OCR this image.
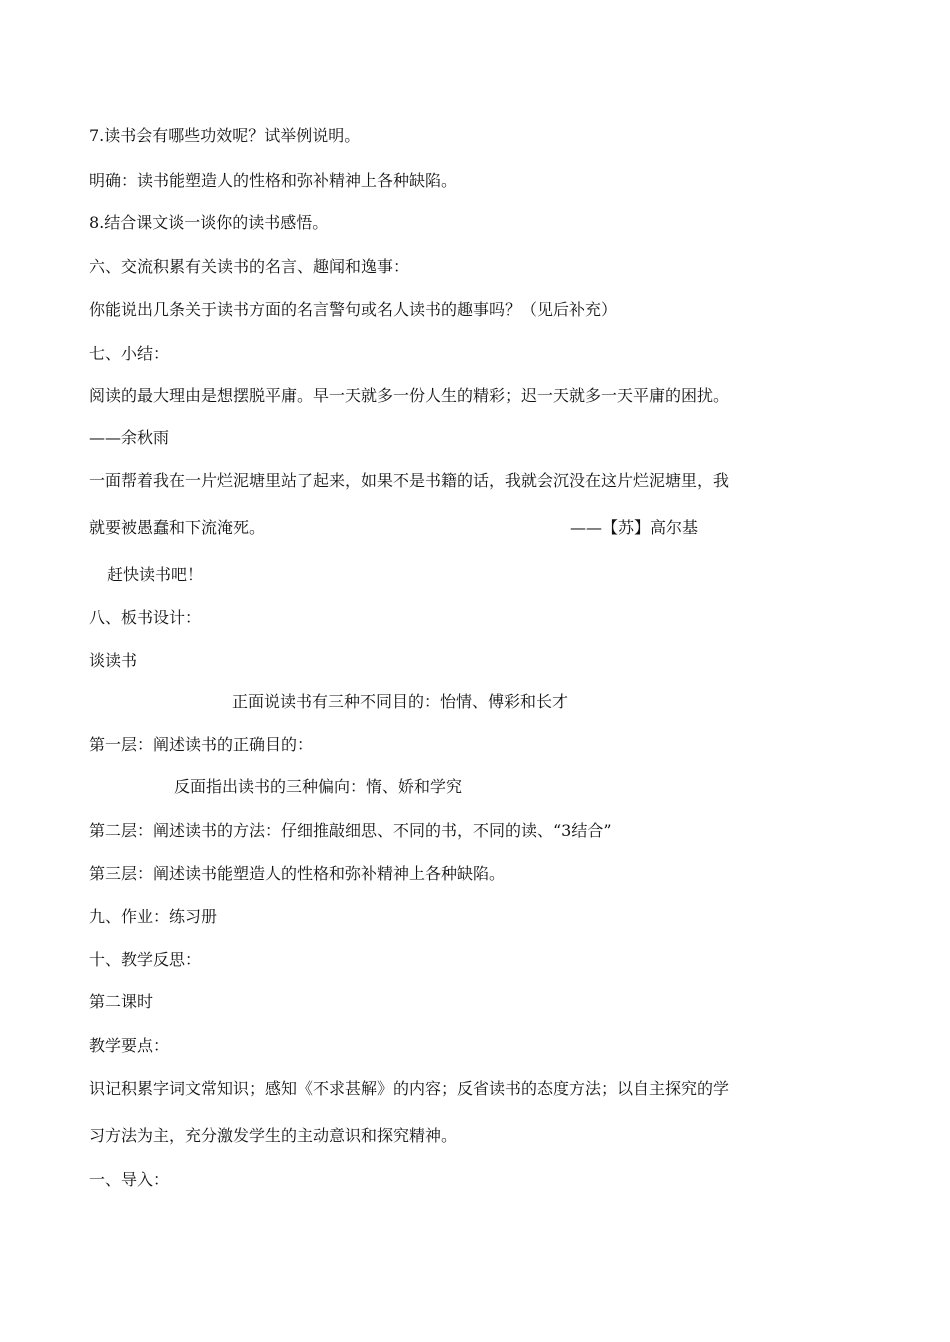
7.读书会有哪些功效呢？试举例说明。
明确：读书能塑造人的性格和弥补精神上各种缺陷。
8.结合课文谈一谈你的读书感悟。
六、交流积累有关读书的名言、趣闻和逸事：
你能说出几条关于读书方面的名言警句或名人读书的趣事吗？（见后补充）
七、小结：
阅读的最大理由是想摆脱平庸。早一天就多一份人生的精彩；迟一天就多一天平庸的困扰。
——余秋雨
一面帮着我在一片烂泥塘里站了起来，如果不是书籍的话，我就会沉没在这片烂泥塘里，我
就要被愚蠢和下流淹死。	——【苏】高尔基
赶快读书吧！
八、板书设计：
谈读书
正面说读书有三种不同目的：怡情、傅彩和长才
第一层：阐述读书的正确目的：
反面指出读书的三种偏向：惰、娇和学究
第二层：阐述读书的方法：仔细推敲细思、不同的书，不同的读、“3结合”
第三层：阐述读书能塑造人的性格和弥补精神上各种缺陷。
九、作业：练习册
十、教学反思：
第二课时
教学要点：
识记积累字词文常知识；感知《不求甚解》的内容；反省读书的态度方法；以自主探究的学
习方法为主，充分激发学生的主动意识和探究精神。
一、导入：
